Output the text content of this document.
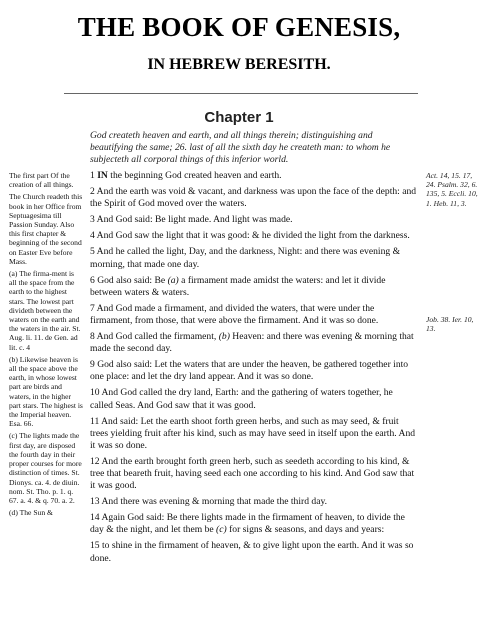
THE BOOK OF GENESIS,
IN HEBREW BERESITH.
Chapter 1
God createth heaven and earth, and all things therein; distinguishing and beautifying the same; 26. last of all the sixth day he createth man: to whom he subjecteth all corporal things of this inferior world.

The first part Of the creation of all things.

The Church readeth this book in her Office from Septuagesima till Passion Sunday. Also this first chapter & beginning of the second on Easter Eve before Mass.

(a) The firma-ment is all the space from the earth to the highest stars. The lowest part divideth between the waters on the earth and the waters in the air. St. Aug. li. 11. de Gen. ad lit. c. 4

(b) Likewise heaven is all the space above the earth, in whose lowest part are birds and waters, in the higher part stars. The highest is the Imperial heaven. Esa. 66.

(c) The lights made the first day, are disposed the fourth day in their proper courses for more distinction of times. St. Dionys. ca. 4. de diuin. nom. St. Tho. p. 1. q. 67. a. 4. & q. 70. a. 2.

(d) The Sun &

1 IN the beginning God created heaven and earth.

2 And the earth was void & vacant, and darkness was upon the face of the depth: and the Spirit of God moved over the waters.

3 And God said: Be light made. And light was made.

4 And God saw the light that it was good: & he divided the light from the darkness.

5 And he called the light, Day, and the darkness, Night: and there was evening & morning, that made one day.

6 God also said: Be (a) a firmament made amidst the waters: and let it divide between waters & waters.

7 And God made a firmament, and divided the waters, that were under the firmament, from those, that were above the firmament. And it was so done.

8 And God called the firmament, (b) Heaven: and there was evening & morning that made the second day.

9 God also said: Let the waters that are under the heaven, be gathered together into one place: and let the dry land appear. And it was so done.

10 And God called the dry land, Earth: and the gathering of waters together, he called Seas. And God saw that it was good.

11 And said: Let the earth shoot forth green herbs, and such as may seed, & fruit trees yielding fruit after his kind, such as may have seed in itself upon the earth. And it was so done.

12 And the earth brought forth green herb, such as seedeth according to his kind, & tree that beareth fruit, having seed each one according to his kind. And God saw that it was good.

13 And there was evening & morning that made the third day.

14 Again God said: Be there lights made in the firmament of heaven, to divide the day & the night, and let them be (c) for signs & seasons, and days and years:

15 to shine in the firmament of heaven, & to give light upon the earth. And it was so done.

Act. 14, 15. 17, 24. Psalm. 32, 6. 135, 5. Eccli. 10, 1. Heb. 11, 3.
Job. 38. Ier. 10, 13.
